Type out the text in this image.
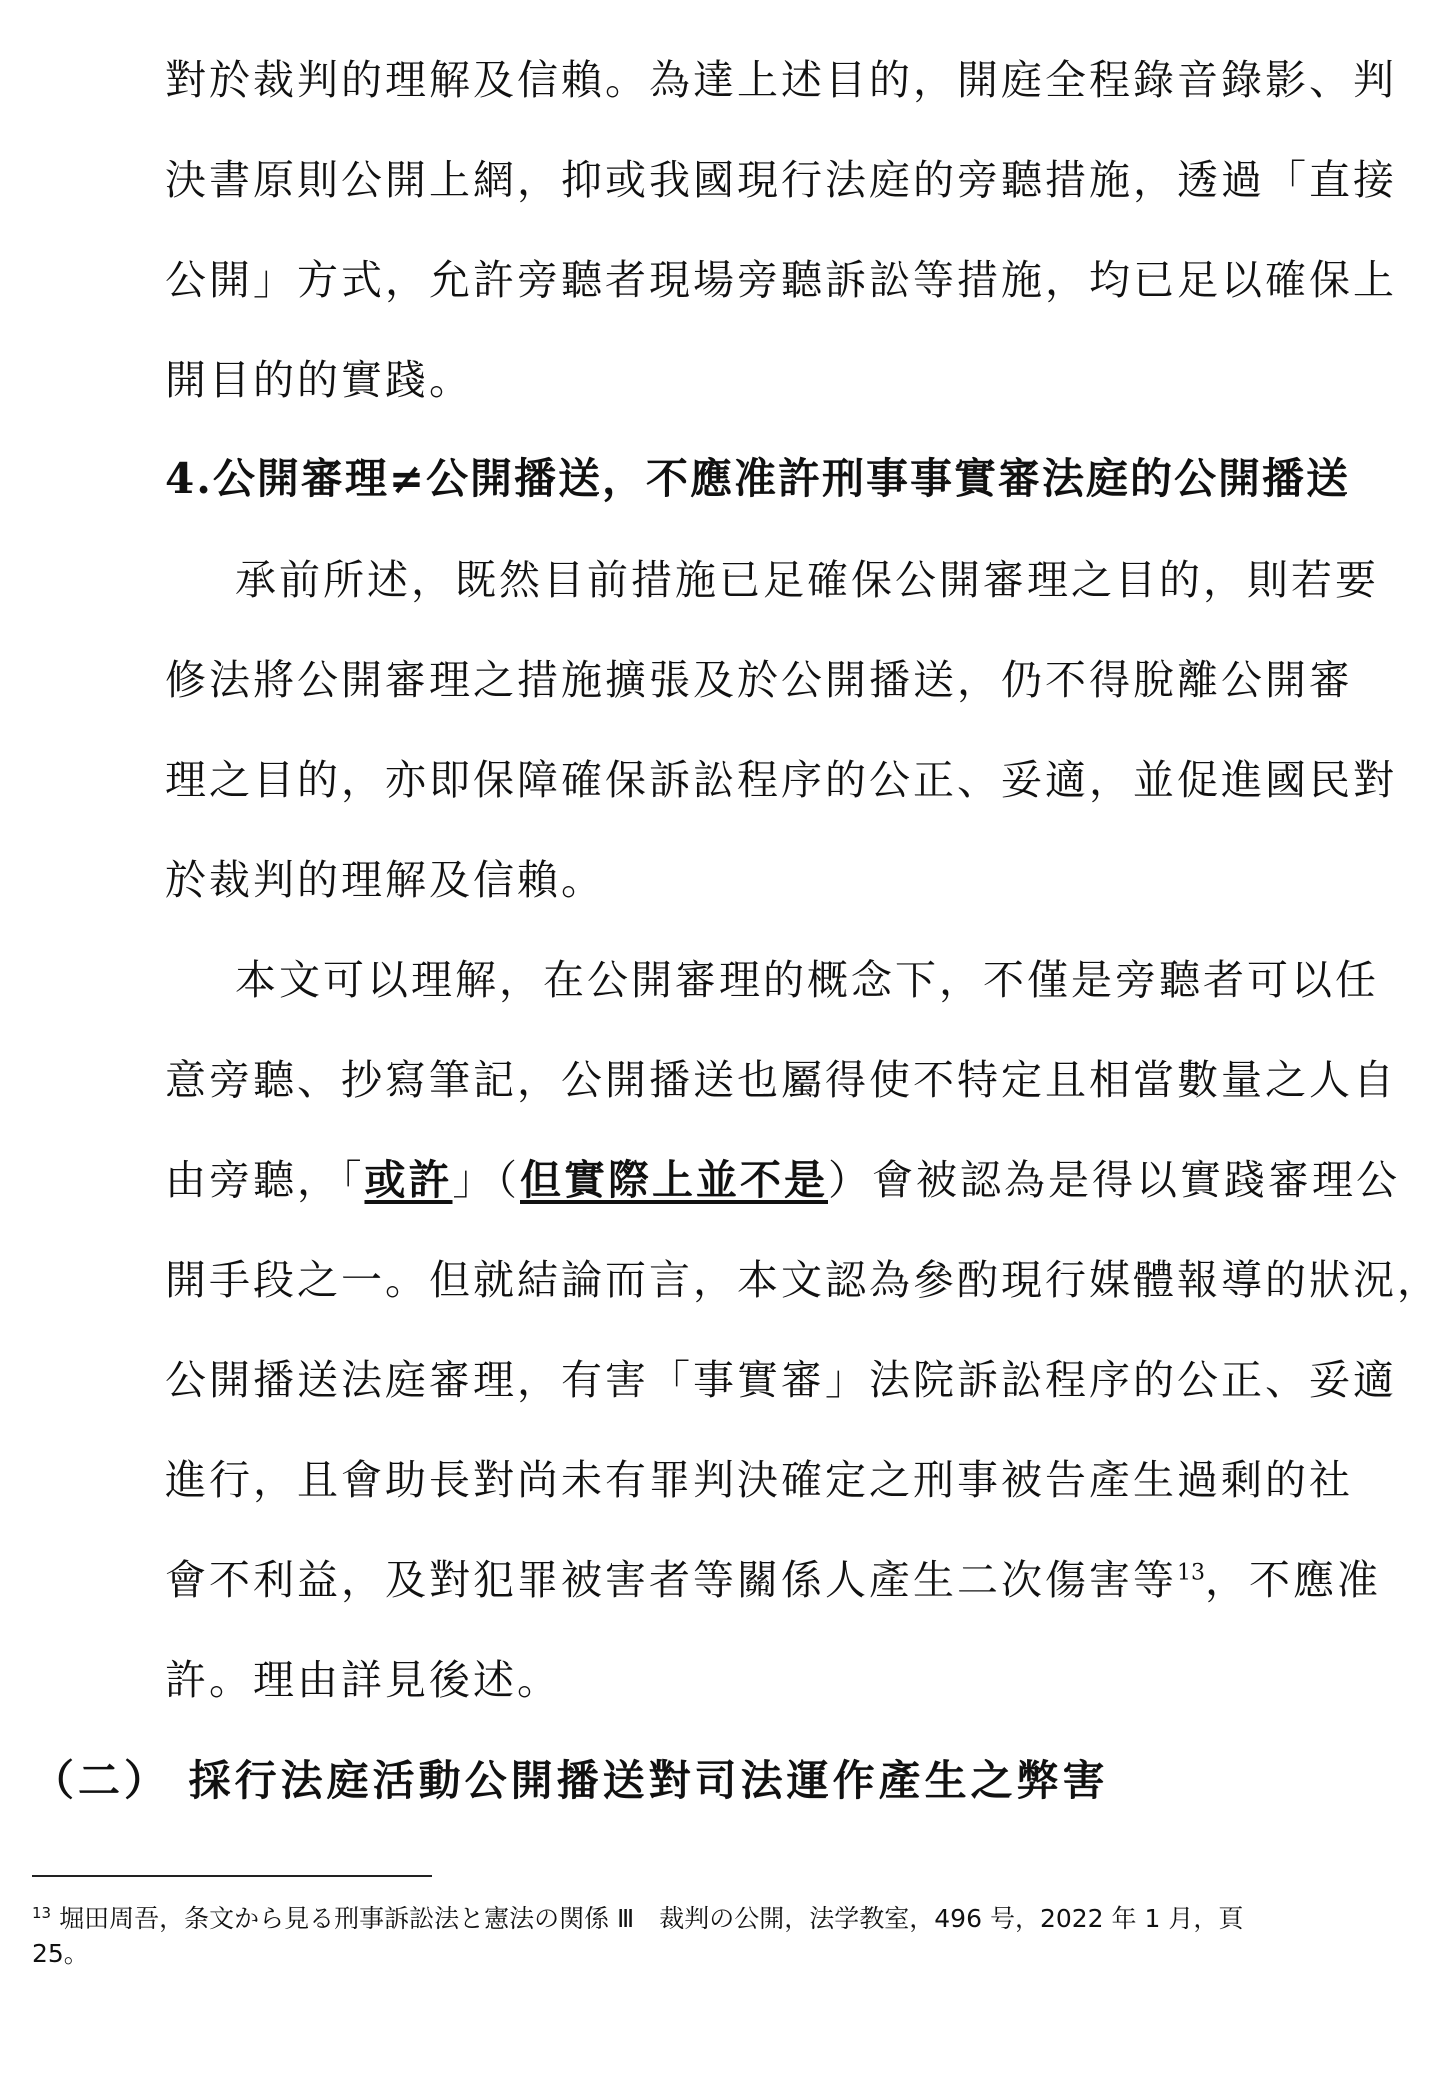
對於裁判的理解及信賴。為達上述目的，開庭全程錄音錄影、判
決書原則公開上網，抑或我國現行法庭的旁聽措施，透過「直接
公開」方式，允許旁聽者現場旁聽訴訟等措施，均已足以確保上
開目的的實踐。
4.公開審理≠公開播送，不應准許刑事事實審法庭的公開播送
承前所述，既然目前措施已足確保公開審理之目的，則若要
修法將公開審理之措施擴張及於公開播送，仍不得脫離公開審
理之目的，亦即保障確保訴訟程序的公正、妥適，並促進國民對
於裁判的理解及信賴。
本文可以理解，在公開審理的概念下，不僅是旁聽者可以任
意旁聽、抄寫筆記，公開播送也屬得使不特定且相當數量之人自
由旁聽，「或許」（但實際上並不是）會被認為是得以實踐審理公
開手段之一。但就結論而言，本文認為參酌現行媒體報導的狀況，
公開播送法庭審理，有害「事實審」法院訴訟程序的公正、妥適
進行，且會助長對尚未有罪判決確定之刑事被告產生過剩的社
會不利益，及對犯罪被害者等關係人產生二次傷害等$^{13}$，不應准
許。理由詳見後述。
（二） 採行法庭活動公開播送對司法運作產生之弊害
$^{13}$ 堀田周吾，条文から見る刑事訴訟法と憲法の関係 Ⅲ　裁判の公開，法学教室，496 号，2022 年 1 月，頁
25。
